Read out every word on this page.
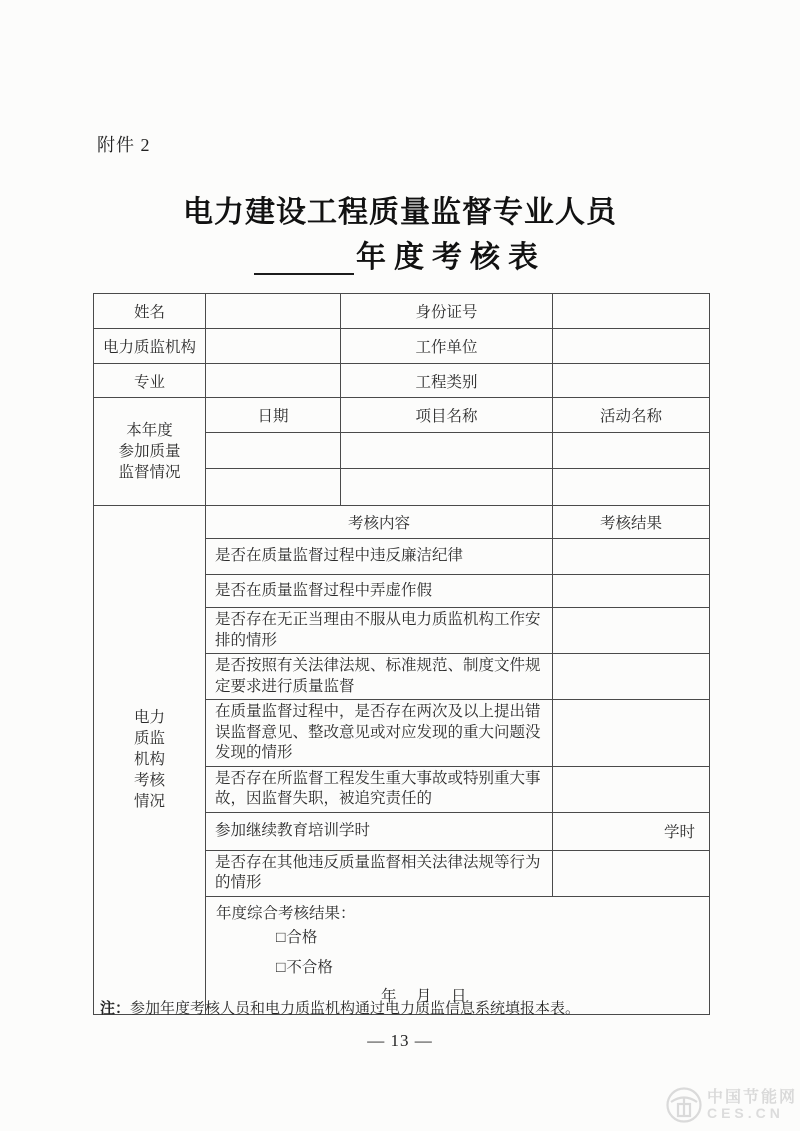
附件 2
电力建设工程质量监督专业人员
年度考核表
姓名		身份证号	
电力质监机构		工作单位	
专业		工程类别	

本年度
参加质量
监督情况	日期	项目名称	活动名称

电力
质监
机构
考核
情况	考核内容		考核结果
	是否在质量监督过程中违反廉洁纪律		
	是否在质量监督过程中弄虚作假		
	是否存在无正当理由不服从电力质监机构工作安排的情形		
	是否按照有关法律法规、标准规范、制度文件规定要求进行质量监督		
	在质量监督过程中，是否存在两次及以上提出错误监督意见、整改意见或对应发现的重大问题没发现的情形		
	是否存在所监督工程发生重大事故或特别重大事故，因监督失职，被追究责任的		
	参加继续教育培训学时		学时
	是否存在其他违反质量监督相关法律法规等行为的情形		

	年度综合考核结果：
□合格
□不合格
年　月　日		
注：参加年度考核人员和电力质监机构通过电力质监信息系统填报本表。
— 13 —
中国节能网
CES.CN
